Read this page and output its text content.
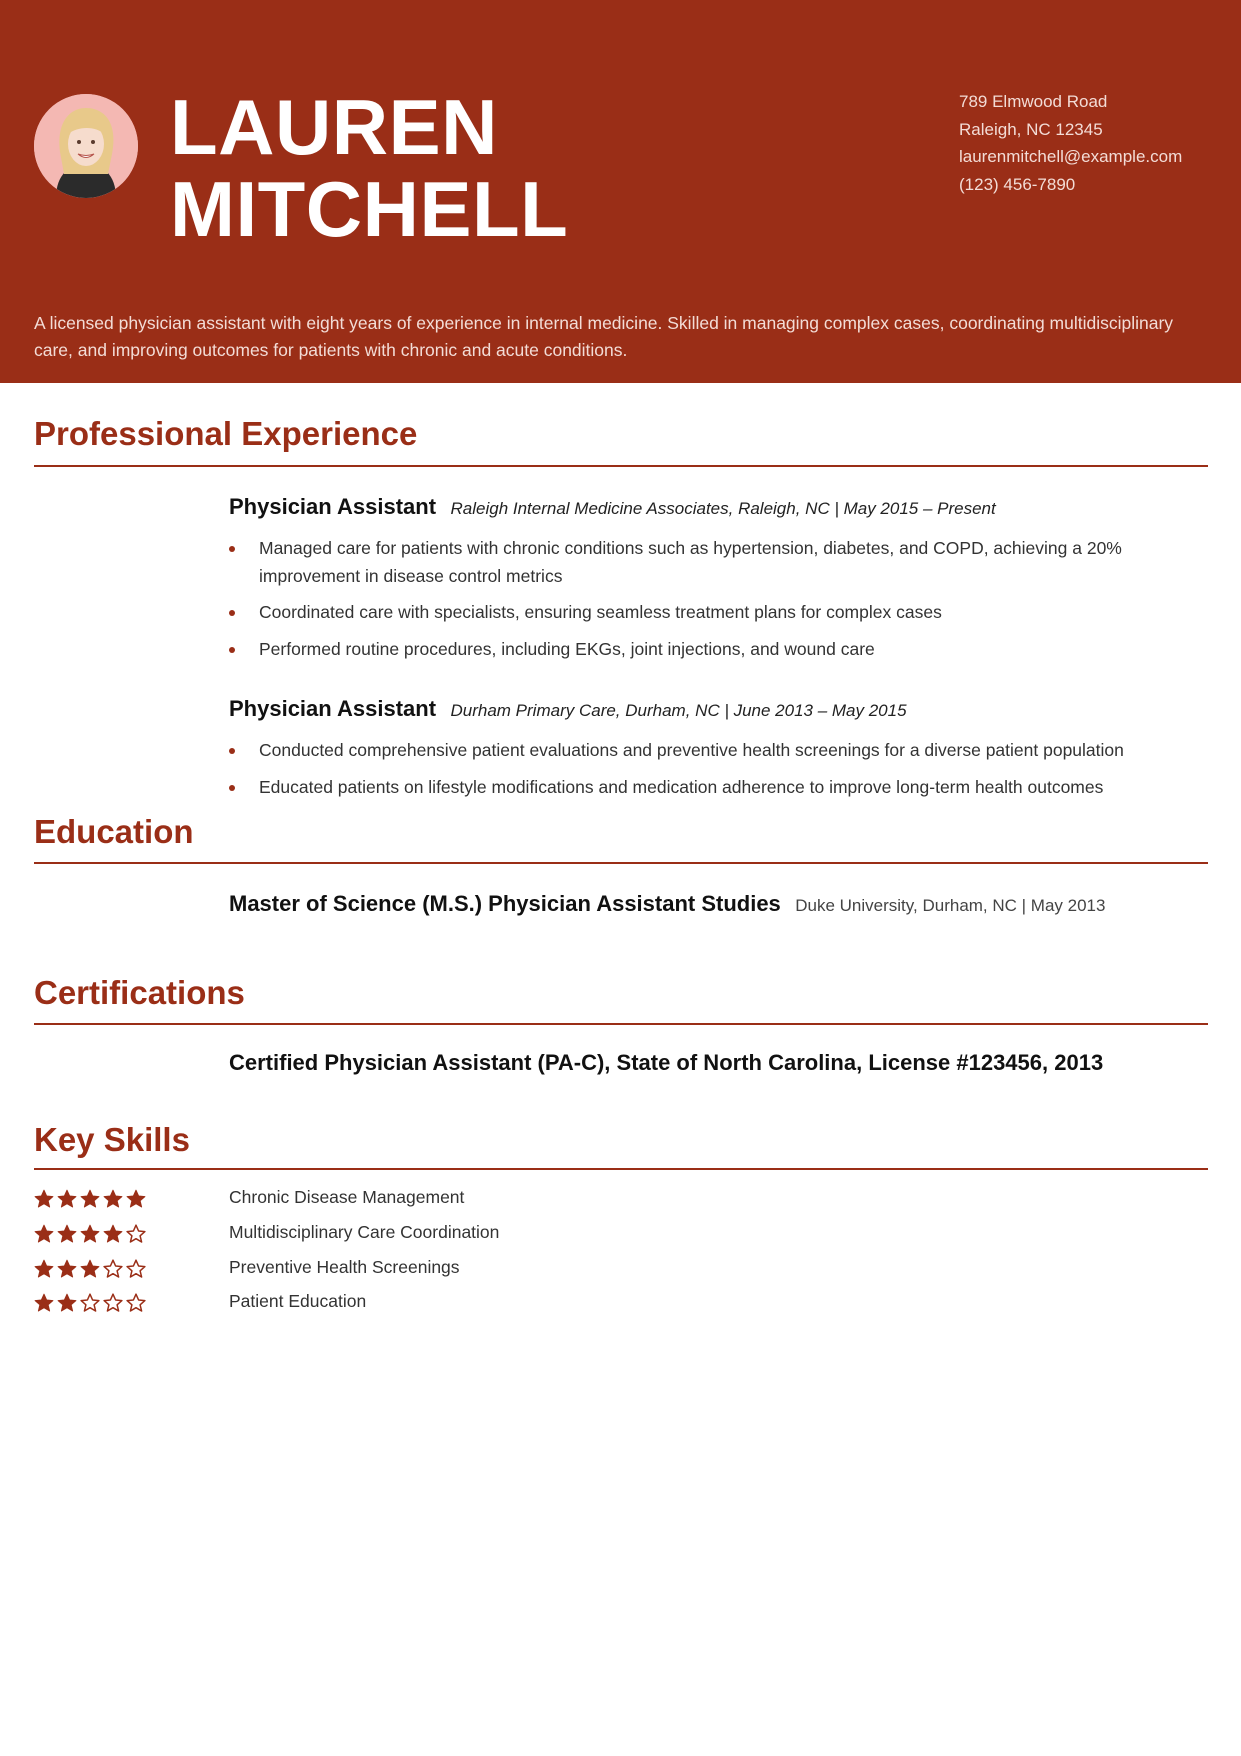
LAUREN
MITCHELL
789 Elmwood Road
Raleigh, NC 12345
laurenmitchell@example.com
(123) 456-7890
A licensed physician assistant with eight years of experience in internal medicine. Skilled in managing complex cases, coordinating multidisciplinary care, and improving outcomes for patients with chronic and acute conditions.
Professional Experience
Physician Assistant Raleigh Internal Medicine Associates, Raleigh, NC | May 2015 – Present
Managed care for patients with chronic conditions such as hypertension, diabetes, and COPD, achieving a 20% improvement in disease control metrics
Coordinated care with specialists, ensuring seamless treatment plans for complex cases
Performed routine procedures, including EKGs, joint injections, and wound care
Physician Assistant Durham Primary Care, Durham, NC | June 2013 – May 2015
Conducted comprehensive patient evaluations and preventive health screenings for a diverse patient population
Educated patients on lifestyle modifications and medication adherence to improve long-term health outcomes
Education
Master of Science (M.S.) Physician Assistant Studies Duke University, Durham, NC | May 2013
Certifications
Certified Physician Assistant (PA-C), State of North Carolina, License #123456, 2013
Key Skills
Chronic Disease Management
Multidisciplinary Care Coordination
Preventive Health Screenings
Patient Education
